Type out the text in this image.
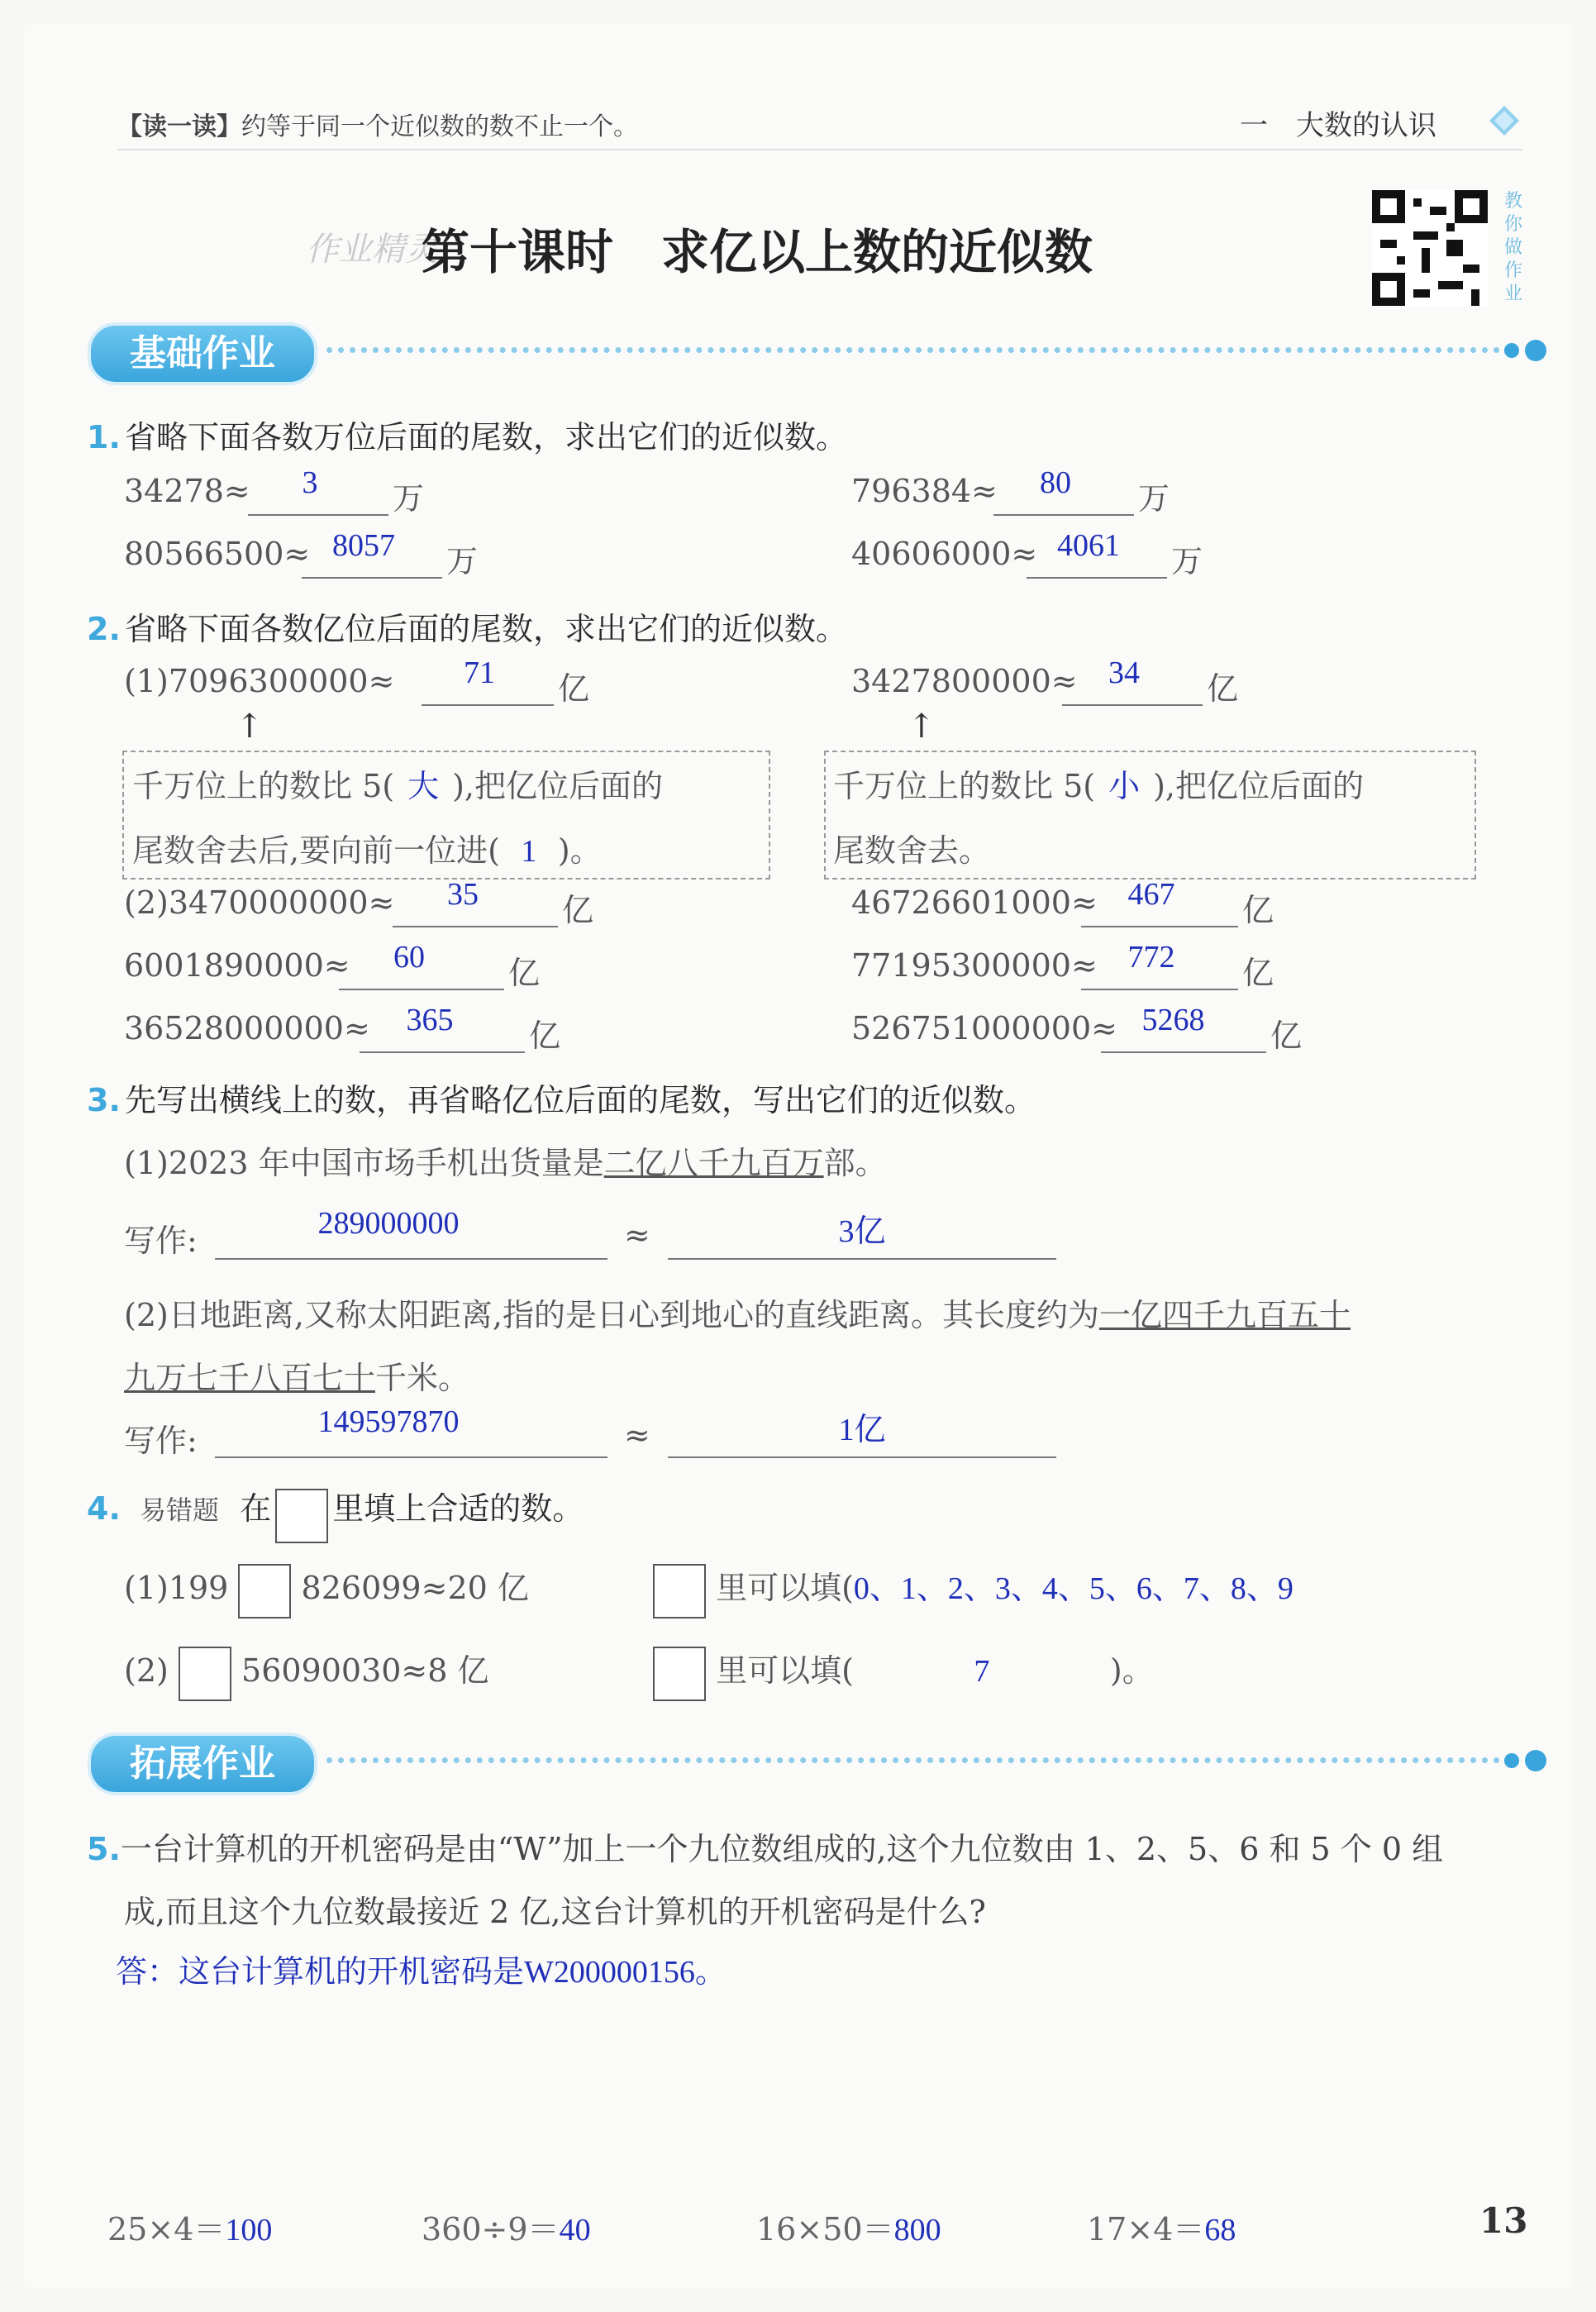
【读一读】约等于同一个近似数的数不止一个。	一　大数的认识
作业精灵
第十课时　求亿以上数的近似数
教你做作业
基础作业
1. 省略下面各数万位后面的尾数，求出它们的近似数。
34278≈	3	万	796384≈	80	万
80566500≈ 8057	万	40606000≈ 4061	万
2. 省略下面各数亿位后面的尾数，求出它们的近似数。
(1)7096300000≈	71	亿	3427800000≈ 34	亿
↑	↑
千万位上的数比 5( 大 ),把亿位后面的
尾数舍去后,要向前一位进( 1 )。
千万位上的数比 5( 小 ),把亿位后面的
尾数舍去。
(2)3470000000≈	35	亿	46726601000≈ 467	亿
6001890000≈	60	亿	77195300000≈ 772	亿
36528000000≈	365	亿	526751000000≈ 5268	亿
3. 先写出横线上的数，再省略亿位后面的尾数，写出它们的近似数。
(1)2023 年中国市场手机出货量是二亿八千九百万部。
写作:	289000000	≈	3亿
(2)日地距离,又称太阳距离,指的是日心到地心的直线距离。其长度约为一亿四千九百五十
九万七千八百七十千米。
写作:
149597870	≈	1亿
4. 易错题 在 里填上合适的数。
(1)199 826099≈20 亿	里可以填(0、1、2、3、4、5、6、7、8、9
(2) 56090030≈8 亿	里可以填(	7	)。
拓展作业
5.一台计算机的开机密码是由“W”加上一个九位数组成的,这个九位数由 1、2、5、6 和 5 个 0 组
成,而且这个九位数最接近 2 亿,这台计算机的开机密码是什么?
答：这台计算机的开机密码是W200000156。
25×4＝100	360÷9＝40	16×50＝800	17×4＝68	13
